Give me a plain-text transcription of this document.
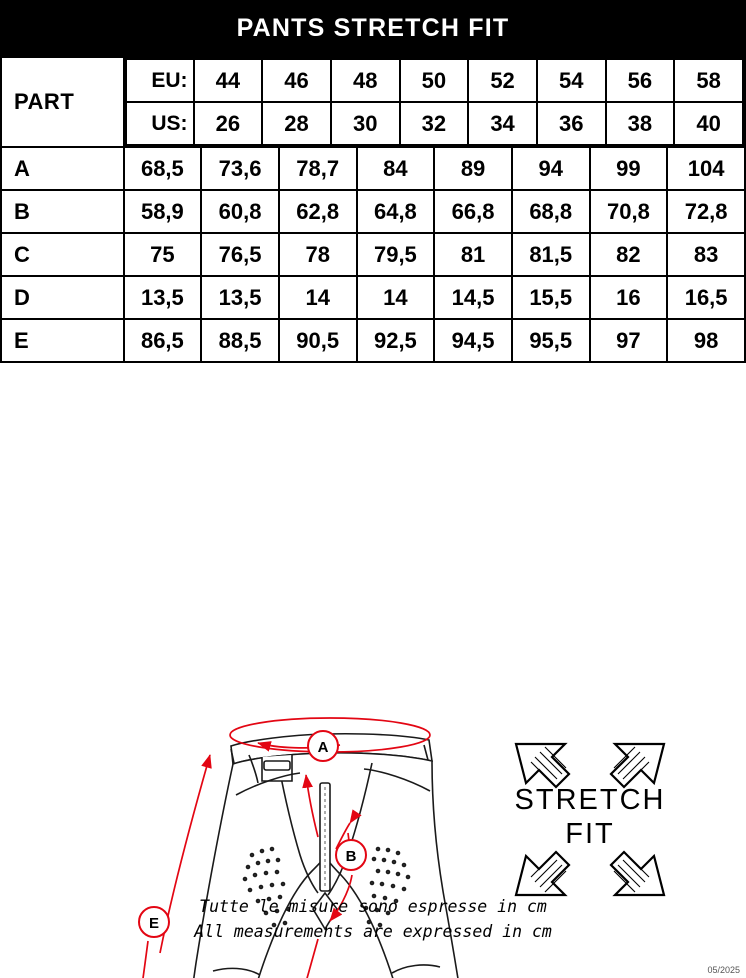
PANTS STRETCH FIT
PART	
EU:	44	46	48	50	52	54	56	58
US:	26	28	30	32	34	36	38	40

A	68,5	73,6	78,7	84	89	94	99	104
B	58,9	60,8	62,8	64,8	66,8	68,8	70,8	72,8
C	75	76,5	78	79,5	81	81,5	82	83
D	13,5	13,5	14	14	14,5	15,5	16	16,5
E	86,5	88,5	90,5	92,5	94,5	95,5	97	98
A
B
E
STRETCH
FIT
Tutte le misure sono espresse in cm
All measurements are expressed in cm
05/2025
